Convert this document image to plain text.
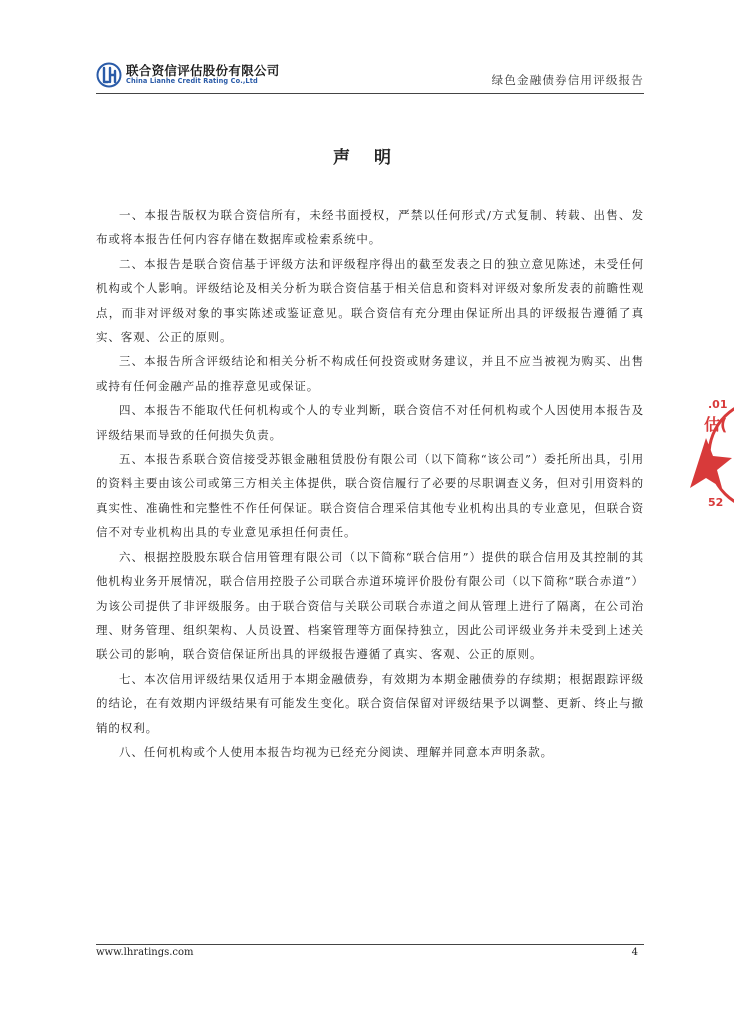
联合资信评估股份有限公司
China Lianhe Credit Rating Co.,Ltd	绿色金融债券信用评级报告
声明

一、本报告版权为联合资信所有，未经书面授权，严禁以任何形式/方式复制、转载、出售、发布或将本报告任何内容存储在数据库或检索系统中。

二、本报告是联合资信基于评级方法和评级程序得出的截至发表之日的独立意见陈述，未受任何机构或个人影响。评级结论及相关分析为联合资信基于相关信息和资料对评级对象所发表的前瞻性观点，而非对评级对象的事实陈述或鉴证意见。联合资信有充分理由保证所出具的评级报告遵循了真实、客观、公正的原则。

三、本报告所含评级结论和相关分析不构成任何投资或财务建议，并且不应当被视为购买、出售或持有任何金融产品的推荐意见或保证。

四、本报告不能取代任何机构或个人的专业判断，联合资信不对任何机构或个人因使用本报告及评级结果而导致的任何损失负责。

五、本报告系联合资信接受苏银金融租赁股份有限公司（以下简称“该公司”）委托所出具，引用的资料主要由该公司或第三方相关主体提供，联合资信履行了必要的尽职调查义务，但对引用资料的真实性、准确性和完整性不作任何保证。联合资信合理采信其他专业机构出具的专业意见，但联合资信不对专业机构出具的专业意见承担任何责任。

六、根据控股股东联合信用管理有限公司（以下简称“联合信用”）提供的联合信用及其控制的其他机构业务开展情况，联合信用控股子公司联合赤道环境评价股份有限公司（以下简称“联合赤道”）为该公司提供了非评级服务。由于联合资信与关联公司联合赤道之间从管理上进行了隔离，在公司治理、财务管理、组织架构、人员设置、档案管理等方面保持独立，因此公司评级业务并未受到上述关联公司的影响，联合资信保证所出具的评级报告遵循了真实、客观、公正的原则。

七、本次信用评级结果仅适用于本期金融债券，有效期为本期金融债券的存续期；根据跟踪评级的结论，在有效期内评级结果有可能发生变化。联合资信保留对评级结果予以调整、更新、终止与撤销的权利。

八、任何机构或个人使用本报告均视为已经充分阅读、理解并同意本声明条款。

.01
估(
52
www.lhratings.com	4
